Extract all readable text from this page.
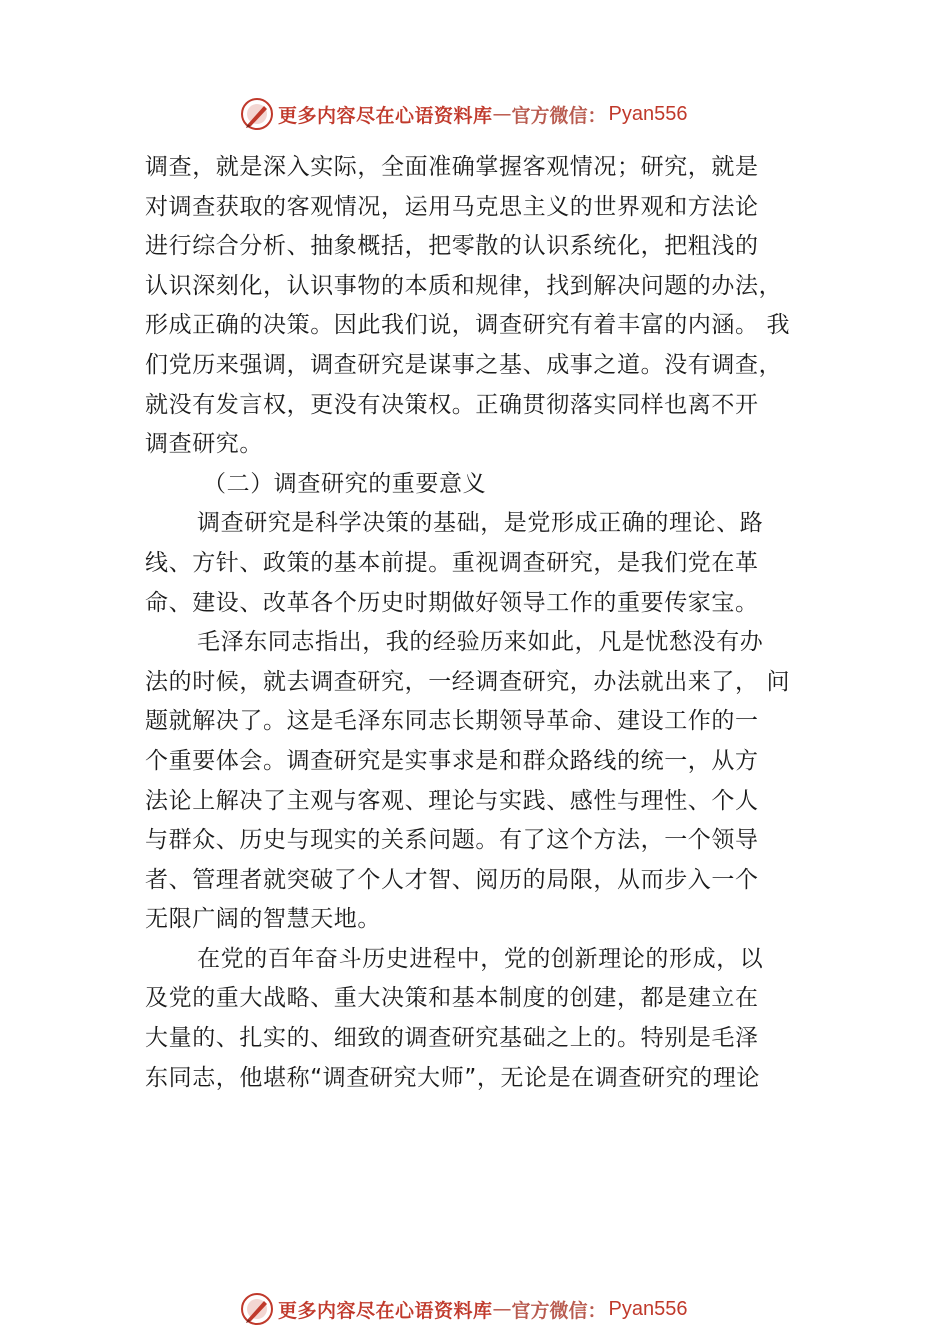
更多内容尽在心语资料库 — 官方微信： Pyan556
调查，就是深入实际，全面准确掌握客观情况；研究，就是
对调查获取的客观情况，运用马克思主义的世界观和方法论
进行综合分析、抽象概括，把零散的认识系统化，把粗浅的
认识深刻化，认识事物的本质和规律，找到解决问题的办法，
形成正确的决策。因此我们说，调查研究有着丰富的内涵。 我
们党历来强调，调查研究是谋事之基、成事之道。没有调查，
就没有发言权，更没有决策权。正确贯彻落实同样也离不开
调查研究。
（二）调查研究的重要意义
调查研究是科学决策的基础，是党形成正确的理论、路
线、方针、政策的基本前提。重视调查研究，是我们党在革
命、建设、改革各个历史时期做好领导工作的重要传家宝。
毛泽东同志指出，我的经验历来如此，凡是忧愁没有办
法的时候，就去调查研究，一经调查研究，办法就出来了， 问
题就解决了。这是毛泽东同志长期领导革命、建设工作的一
个重要体会。调查研究是实事求是和群众路线的统一，从方
法论上解决了主观与客观、理论与实践、感性与理性、个人
与群众、历史与现实的关系问题。有了这个方法，一个领导
者、管理者就突破了个人才智、阅历的局限，从而步入一个
无限广阔的智慧天地。
在党的百年奋斗历史进程中，党的创新理论的形成，以
及党的重大战略、重大决策和基本制度的创建，都是建立在
大量的、扎实的、细致的调查研究基础之上的。特别是毛泽
东同志，他堪称“调查研究大师”，无论是在调查研究的理论
更多内容尽在心语资料库 — 官方微信： Pyan556
